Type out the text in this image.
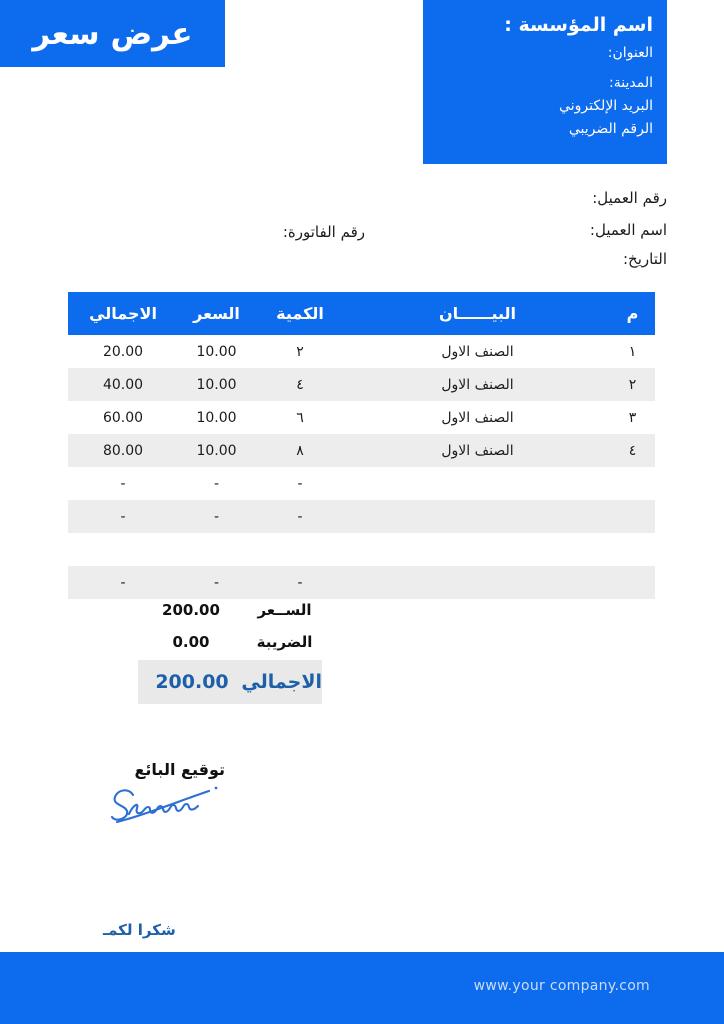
عرض سعر	اسم المؤسسة :
العنوان:
المدينة:
البريد الإلكتروني
الرقم الضريبي
رقم العميل:
اسم العميل:
التاريخ:
رقم الفاتورة:
م
البيــــــان
الكمية
السعر
الاجمالي
١
الصنف الاول
٢
10.00
20.00
٢
الصنف الاول
٤
10.00
40.00
٣
الصنف الاول
٦
10.00
60.00
٤
الصنف الاول
٨
10.00
80.00
-
-
-
-
-
-
-
-
-
الســعر
200.00
الضريبة
0.00
الاجمالي
200.00
توقيع البائع
شكرا لكمـ
www.your company.com
